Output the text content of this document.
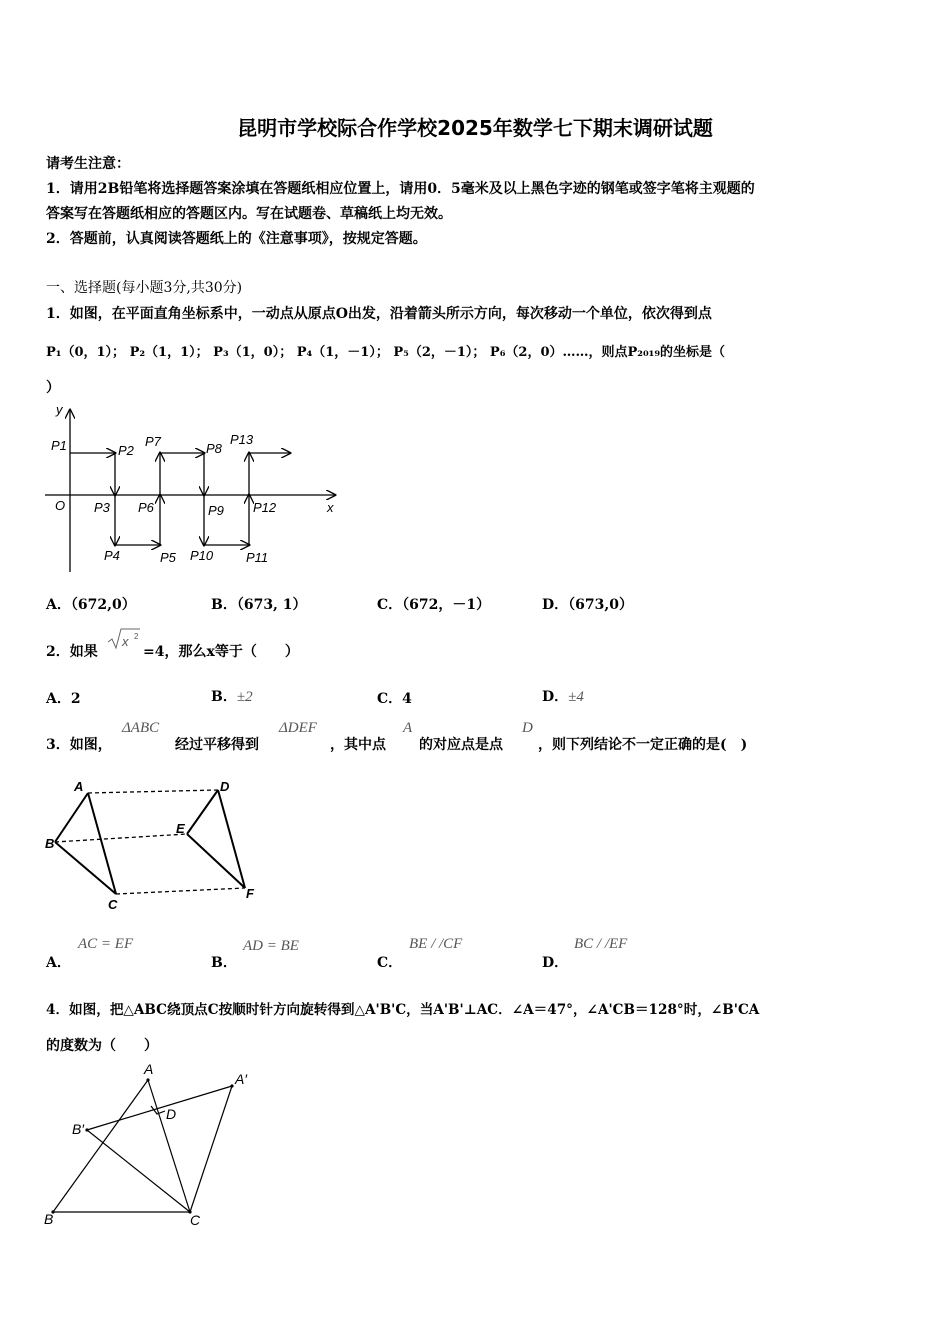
昆明市学校际合作学校2025年数学七下期末调研试题
请考生注意：
1．请用2B铅笔将选择题答案涂填在答题纸相应位置上，请用0．5毫米及以上黑色字迹的钢笔或签字笔将主观题的
答案写在答题纸相应的答题区内。写在试题卷、草稿纸上均无效。
2．答题前，认真阅读答题纸上的《注意事项》，按规定答题。
一、选择题(每小题3分,共30分)
1．如图，在平面直角坐标系中，一动点从原点O出发，沿着箭头所示方向，每次移动一个单位，依次得到点
P₁（0，1）； P₂（1，1）； P₃（1，0）； P₄（1，－1）； P₅（2，－1）； P₆（2，0）……，则点P₂₀₁₉的坐标是（
）
y
x
O
P1	P2
P3
P4	P5
P6
P7	P8
P9
P10	P11
P12
P13
A．（672,0）	B．（673, 1）	C．（672，－1）	D．（673,0）
2．如果
x 2
=4，那么x等于（　　）
A．2	B．±2	C．4	D．±4
3．如图，
ΔABC
经过平移得到
ΔDEF
，其中点
A
的对应点是点
D
，则下列结论不一定正确的是(　)
A
B
C
D
E
F
A．
AC = EF
B．
AD = BE
C．
BE / /CF
D．
BC / /EF
4．如图，把△ABC绕顶点C按顺时针方向旋转得到△A'B'C，当A'B'⊥AC．∠A＝47°，∠A'CB＝128°时，∠B'CA
的度数为（　　）
A
A′
B
B′
C
D
